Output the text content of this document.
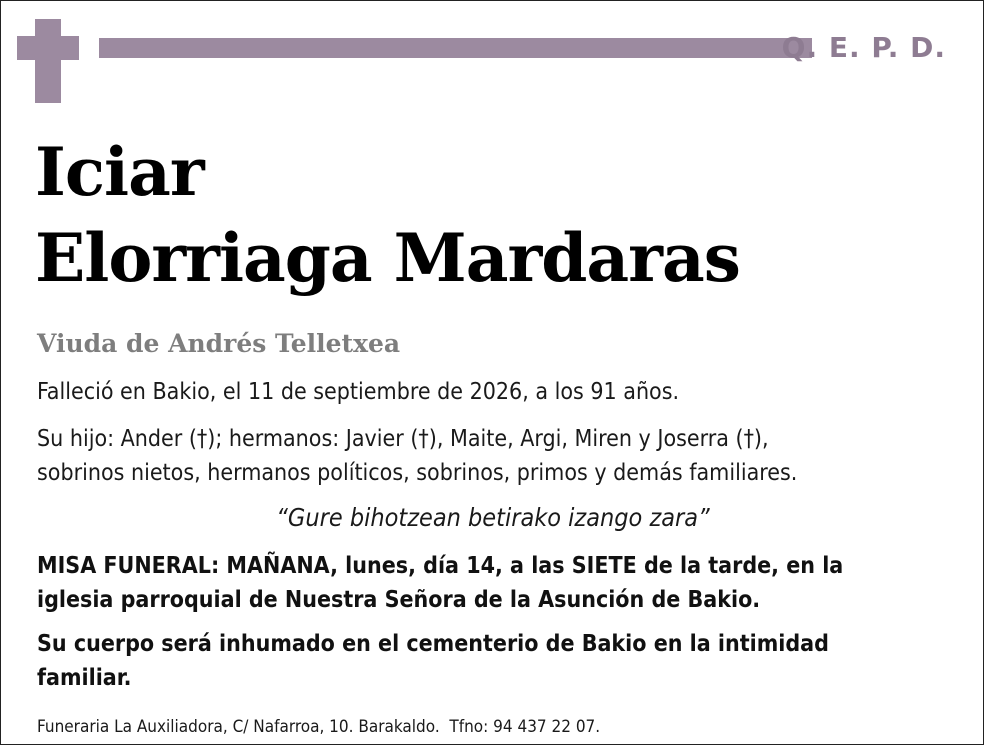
Q. E. P. D.
Iciar
Elorriaga Mardaras
Viuda de Andrés Telletxea
Falleció en Bakio, el 11 de septiembre de 2026, a los 91 años.
Su hijo: Ander (†); hermanos: Javier (†), Maite, Argi, Miren y Joserra (†),
sobrinos nietos, hermanos políticos, sobrinos, primos y demás familiares.
“Gure bihotzean betirako izango zara”
MISA FUNERAL: MAÑANA, lunes, día 14, a las SIETE de la tarde, en la
iglesia parroquial de Nuestra Señora de la Asunción de Bakio.
Su cuerpo será inhumado en el cementerio de Bakio en la intimidad
familiar.
Funeraria La Auxiliadora, C/ Nafarroa, 10. Barakaldo.  Tfno: 94 437 22 07.
